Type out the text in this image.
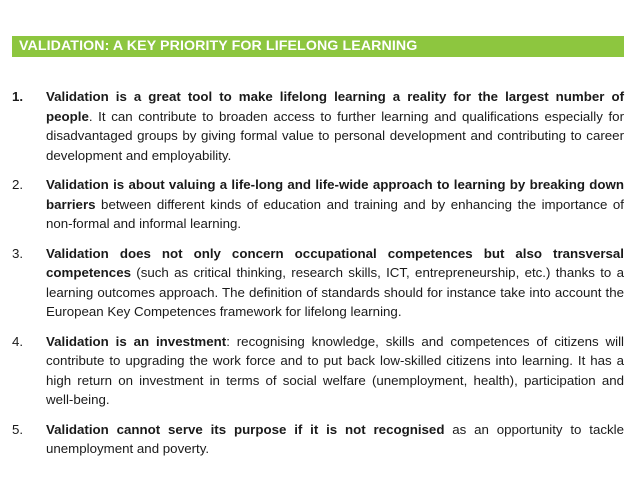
VALIDATION: A KEY PRIORITY FOR LIFELONG LEARNING
1.	Validation is a great tool to make lifelong learning a reality for the largest number of people. It can contribute to broaden access to further learning and qualifications especially for disadvantaged groups by giving formal value to personal development and contributing to career development and employability.
2.	Validation is about valuing a life-long and life-wide approach to learning by breaking down barriers between different kinds of education and training and by enhancing the importance of non-formal and informal learning.
3.	Validation does not only concern occupational competences but also transversal competences (such as critical thinking, research skills, ICT, entrepreneurship, etc.) thanks to a learning outcomes approach. The definition of standards should for instance take into account the European Key Competences framework for lifelong learning.
4.	Validation is an investment: recognising knowledge, skills and competences of citizens will contribute to upgrading the work force and to put back low-skilled citizens into learning. It has a high return on investment in terms of social welfare (unemployment, health), participation and well-being.
5.	Validation cannot serve its purpose if it is not recognised as an opportunity to tackle unemployment and poverty.
